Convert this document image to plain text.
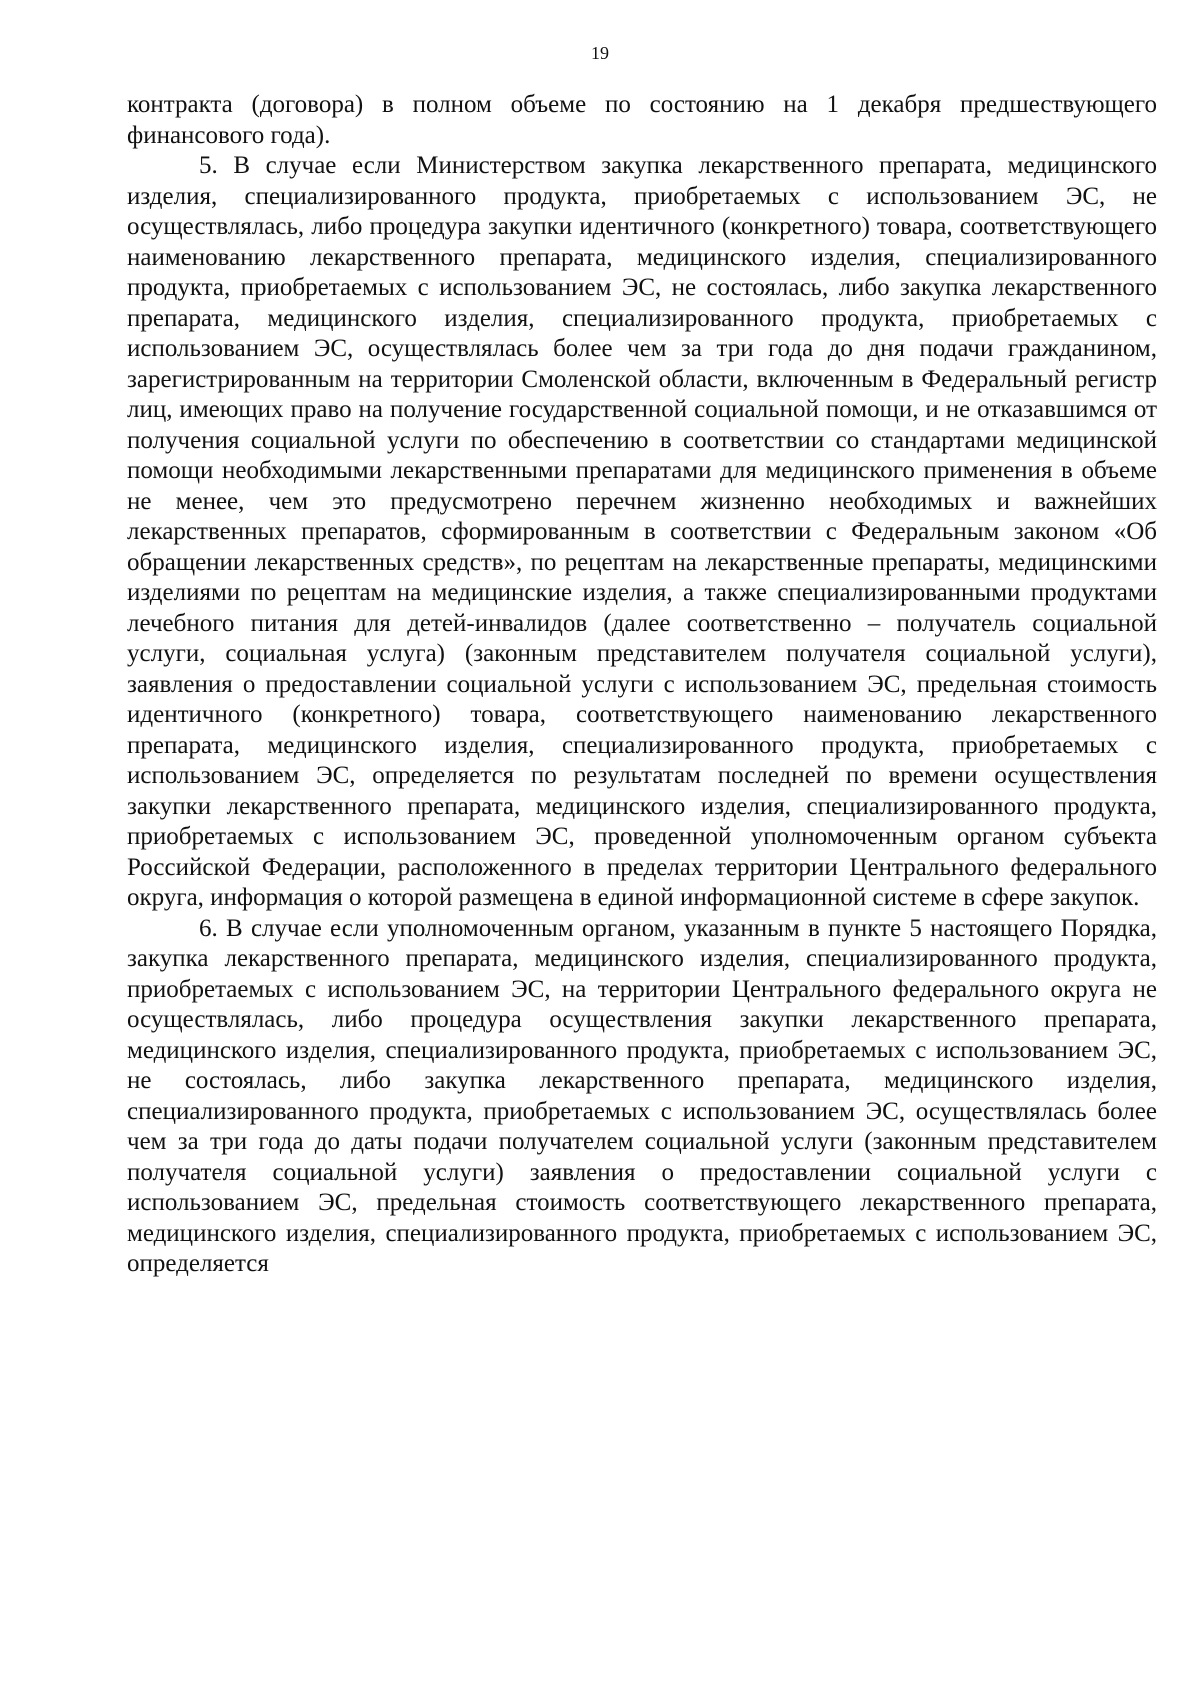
19

контракта (договора) в полном объеме по состоянию на 1 декабря предшествующего финансового года).

5. В случае если Министерством закупка лекарственного препарата, медицинского изделия, специализированного продукта, приобретаемых с использованием ЭС, не осуществлялась, либо процедура закупки идентичного (конкретного) товара, соответствующего наименованию лекарственного препарата, медицинского изделия, специализированного продукта, приобретаемых с использованием ЭС, не состоялась, либо закупка лекарственного препарата, медицинского изделия, специализированного продукта, приобретаемых с использованием ЭС, осуществлялась более чем за три года до дня подачи гражданином, зарегистрированным на территории Смоленской области, включенным в Федеральный регистр лиц, имеющих право на получение государственной социальной помощи, и не отказавшимся от получения социальной услуги по обеспечению в соответствии со стандартами медицинской помощи необходимыми лекарственными препаратами для медицинского применения в объеме не менее, чем это предусмотрено перечнем жизненно необходимых и важнейших лекарственных препаратов, сформированным в соответствии с Федеральным законом «Об обращении лекарственных средств», по рецептам на лекарственные препараты, медицинскими изделиями по рецептам на медицинские изделия, а также специализированными продуктами лечебного питания для детей-инвалидов (далее соответственно – получатель социальной услуги, социальная услуга) (законным представителем получателя социальной услуги), заявления о предоставлении социальной услуги с использованием ЭС, предельная стоимость идентичного (конкретного) товара, соответствующего наименованию лекарственного препарата, медицинского изделия, специализированного продукта, приобретаемых с использованием ЭС, определяется по результатам последней по времени осуществления закупки лекарственного препарата, медицинского изделия, специализированного продукта, приобретаемых с использованием ЭС, проведенной уполномоченным органом субъекта Российской Федерации, расположенного в пределах территории Центрального федерального округа, информация о которой размещена в единой информационной системе в сфере закупок.

6. В случае если уполномоченным органом, указанным в пункте 5 настоящего Порядка, закупка лекарственного препарата, медицинского изделия, специализированного продукта, приобретаемых с использованием ЭС, на территории Центрального федерального округа не осуществлялась, либо процедура осуществления закупки лекарственного препарата, медицинского изделия, специализированного продукта, приобретаемых с использованием ЭС, не состоялась, либо закупка лекарственного препарата, медицинского изделия, специализированного продукта, приобретаемых с использованием ЭС, осуществлялась более чем за три года до даты подачи получателем социальной услуги (законным представителем получателя социальной услуги) заявления о предоставлении социальной услуги с использованием ЭС, предельная стоимость соответствующего лекарственного препарата, медицинского изделия, специализированного продукта, приобретаемых с использованием ЭС, определяется
